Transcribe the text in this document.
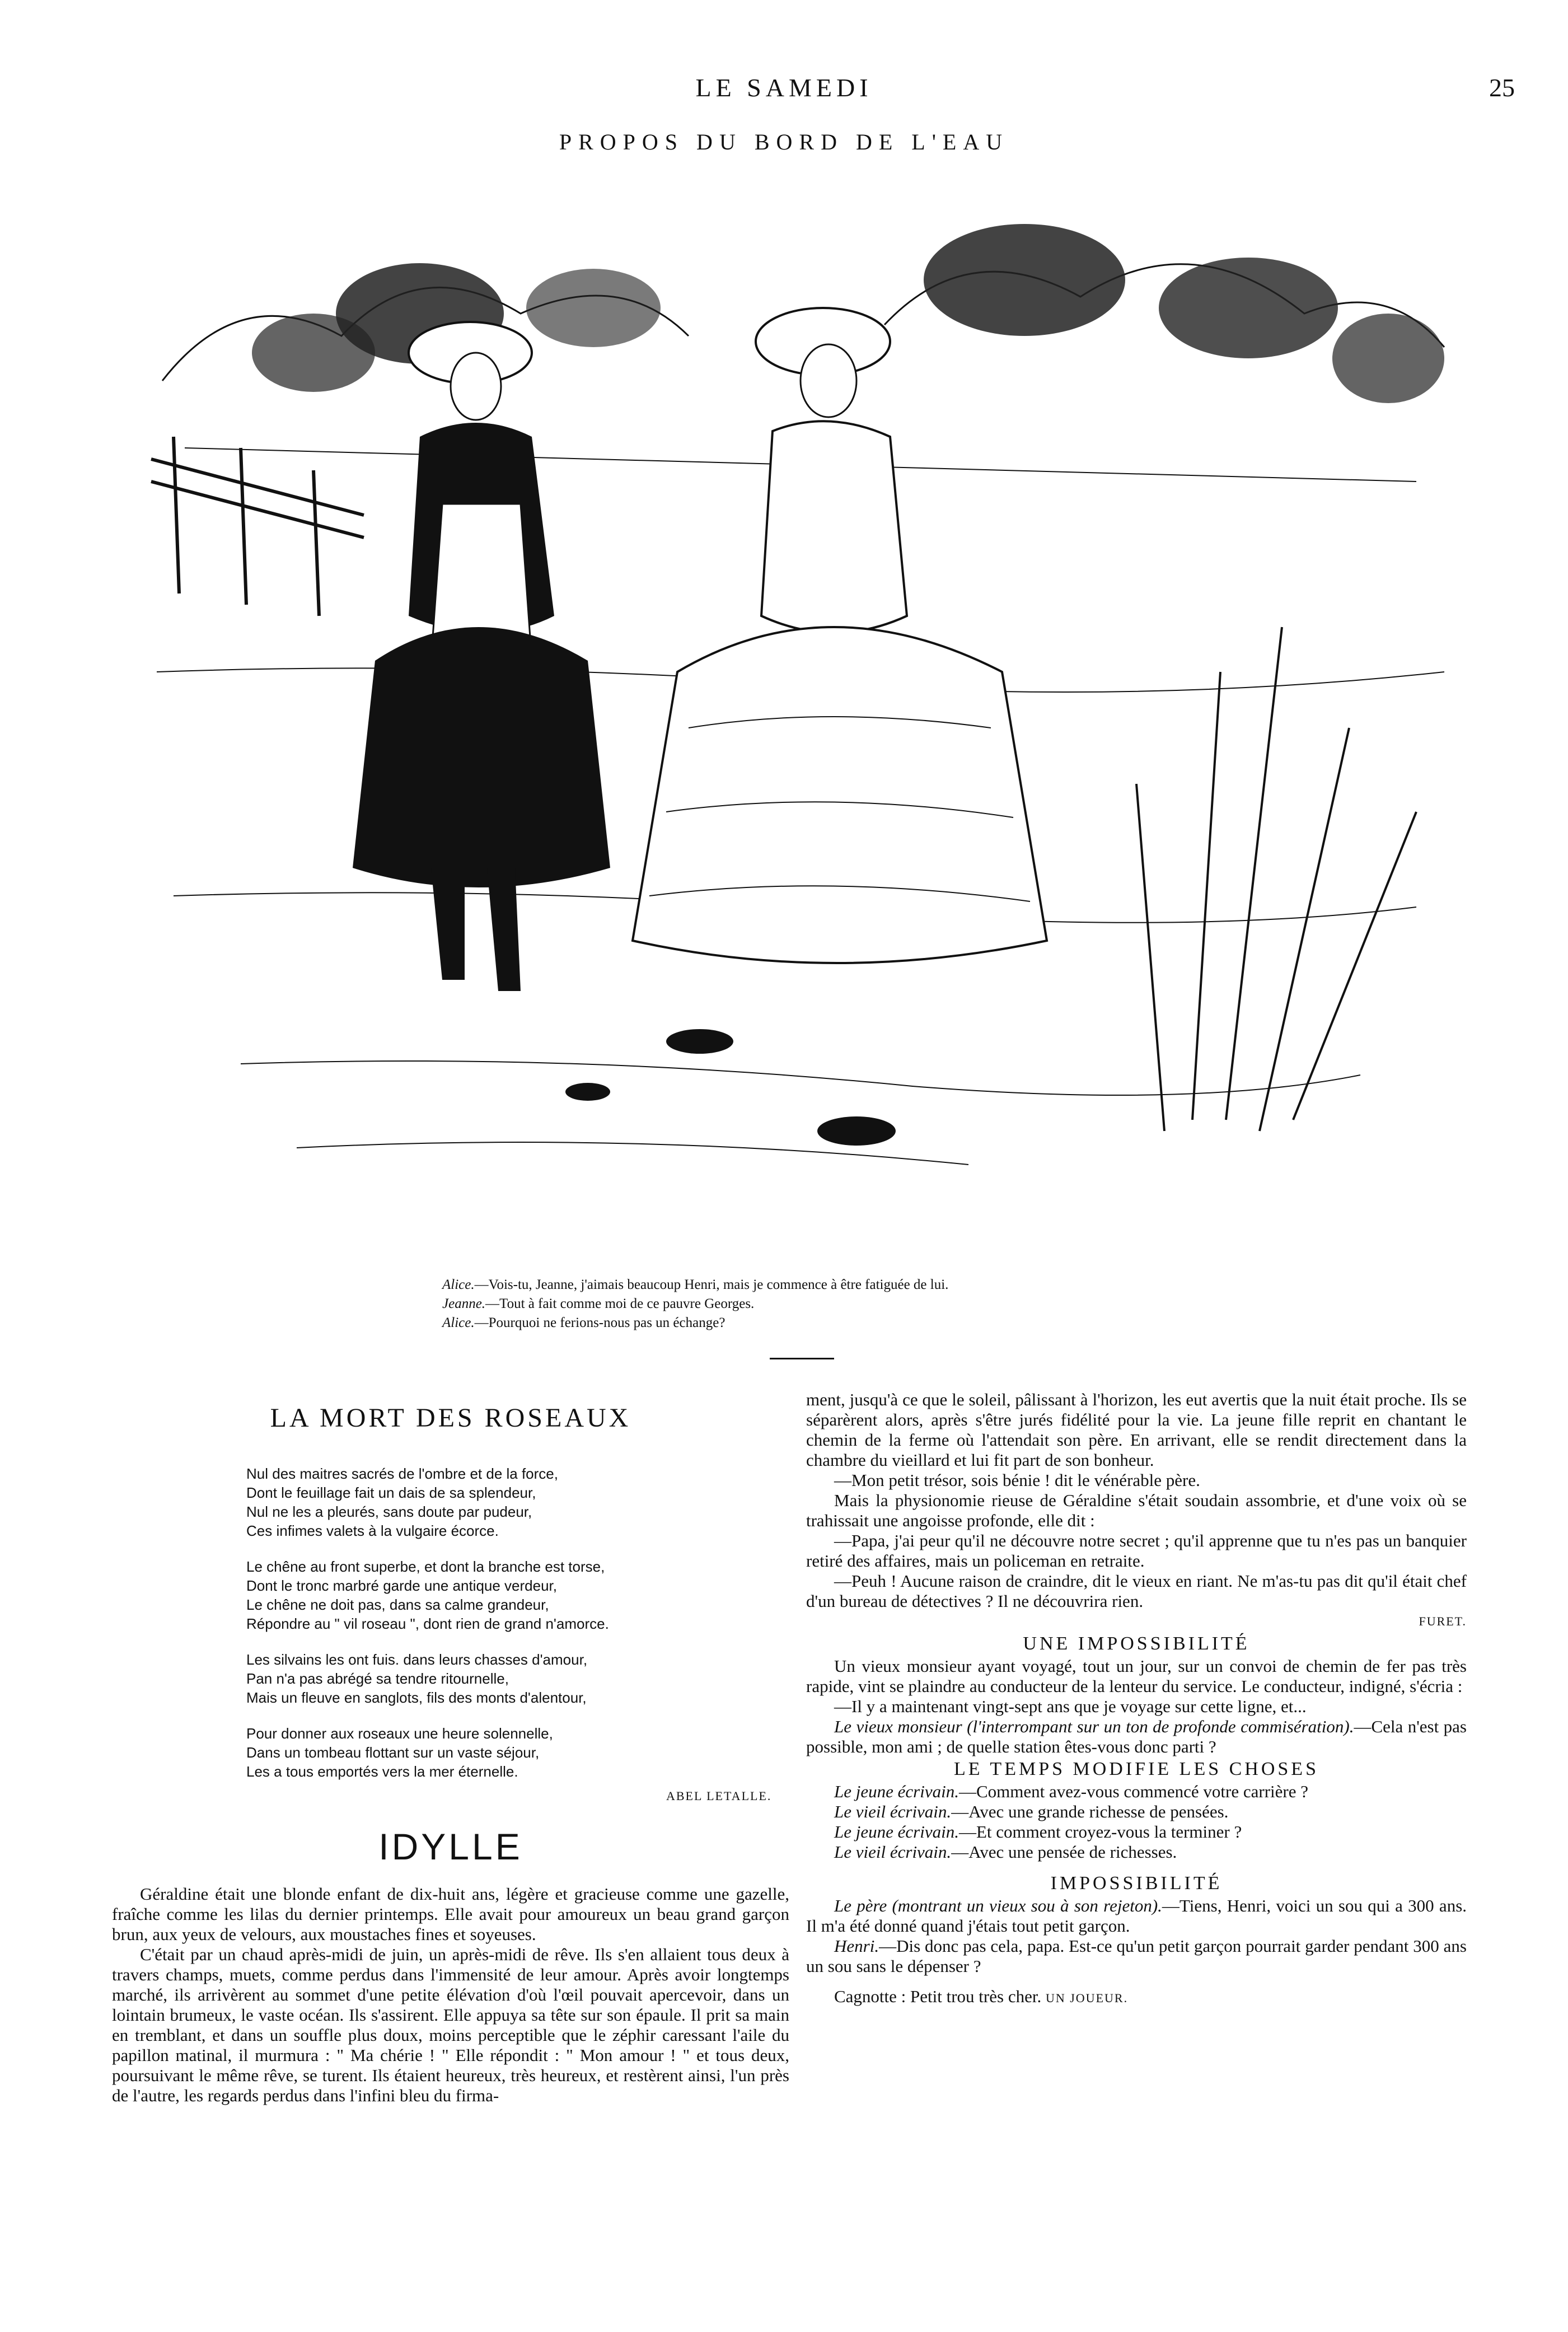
LE SAMEDI	25
PROPOS DU BORD DE L'EAU
Alice.—Vois-tu, Jeanne, j'aimais beaucoup Henri, mais je commence à être fatiguée de lui.
Jeanne.—Tout à fait comme moi de ce pauvre Georges.
Alice.—Pourquoi ne ferions-nous pas un échange?
LA MORT DES ROSEAUX

Nul des maitres sacrés de l'ombre et de la force,
Dont le feuillage fait un dais de sa splendeur,
Nul ne les a pleurés, sans doute par pudeur,
Ces infimes valets à la vulgaire écorce.

Le chêne au front superbe, et dont la branche est torse,
Dont le tronc marbré garde une antique verdeur,
Le chêne ne doit pas, dans sa calme grandeur,
Répondre au " vil roseau ", dont rien de grand n'amorce.

Les silvains les ont fuis. dans leurs chasses d'amour,
Pan n'a pas abrégé sa tendre ritournelle,
Mais un fleuve en sanglots, fils des monts d'alentour,

Pour donner aux roseaux une heure solennelle,
Dans un tombeau flottant sur un vaste séjour,
Les a tous emportés vers la mer éternelle.

ABEL LETALLE.
IDYLLE

Géraldine était une blonde enfant de dix-huit ans, légère et gracieuse comme une gazelle, fraîche comme les lilas du dernier printemps. Elle avait pour amoureux un beau grand garçon brun, aux yeux de velours, aux moustaches fines et soyeuses.

C'était par un chaud après-midi de juin, un après-midi de rêve. Ils s'en allaient tous deux à travers champs, muets, comme perdus dans l'immensité de leur amour. Après avoir longtemps marché, ils arrivèrent au sommet d'une petite élévation d'où l'œil pouvait apercevoir, dans un lointain brumeux, le vaste océan. Ils s'assirent. Elle appuya sa tête sur son épaule. Il prit sa main en tremblant, et dans un souffle plus doux, moins perceptible que le zéphir caressant l'aile du papillon matinal, il murmura : " Ma chérie ! " Elle répondit : " Mon amour ! " et tous deux, poursuivant le même rêve, se turent. Ils étaient heureux, très heureux, et restèrent ainsi, l'un près de l'autre, les regards perdus dans l'infini bleu du firma-

ment, jusqu'à ce que le soleil, pâlissant à l'horizon, les eut avertis que la nuit était proche. Ils se séparèrent alors, après s'être jurés fidélité pour la vie. La jeune fille reprit en chantant le chemin de la ferme où l'attendait son père. En arrivant, elle se rendit directement dans la chambre du vieillard et lui fit part de son bonheur.

—Mon petit trésor, sois bénie ! dit le vénérable père.

Mais la physionomie rieuse de Géraldine s'était soudain assombrie, et d'une voix où se trahissait une angoisse profonde, elle dit :

—Papa, j'ai peur qu'il ne découvre notre secret ; qu'il apprenne que tu n'es pas un banquier retiré des affaires, mais un policeman en retraite.

—Peuh ! Aucune raison de craindre, dit le vieux en riant. Ne m'as-tu pas dit qu'il était chef d'un bureau de détectives ? Il ne découvrira rien.

FURET.
UNE IMPOSSIBILITÉ

Un vieux monsieur ayant voyagé, tout un jour, sur un convoi de chemin de fer pas très rapide, vint se plaindre au conducteur de la lenteur du service. Le conducteur, indigné, s'écria :

—Il y a maintenant vingt-sept ans que je voyage sur cette ligne, et...

Le vieux monsieur (l'interrompant sur un ton de profonde commisération).—Cela n'est pas possible, mon ami ; de quelle station êtes-vous donc parti ?

LE TEMPS MODIFIE LES CHOSES

Le jeune écrivain.—Comment avez-vous commencé votre carrière ?

Le vieil écrivain.—Avec une grande richesse de pensées.

Le jeune écrivain.—Et comment croyez-vous la terminer ?

Le vieil écrivain.—Avec une pensée de richesses.

IMPOSSIBILITÉ

Le père (montrant un vieux sou à son rejeton).—Tiens, Henri, voici un sou qui a 300 ans. Il m'a été donné quand j'étais tout petit garçon.

Henri.—Dis donc pas cela, papa. Est-ce qu'un petit garçon pourrait garder pendant 300 ans un sou sans le dépenser ?

Cagnotte : Petit trou très cher. UN JOUEUR.
